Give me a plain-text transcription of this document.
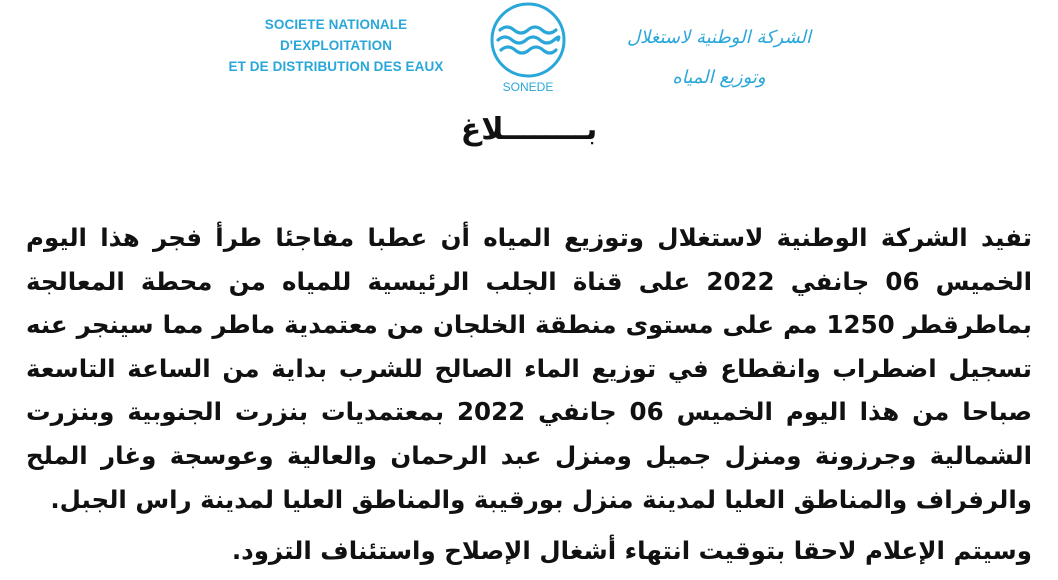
SOCIETE NATIONALE D'EXPLOITATION
ET DE DISTRIBUTION DES EAUX
SONEDE
الشركة الوطنية لاستغلال وتوزيع المياه
بــــــــلاغ

تفيد الشركة الوطنية لاستغلال وتوزيع المياه أن عطبا مفاجئا طرأ فجر هذا اليوم الخميس 06 جانفي 2022 على قناة الجلب الرئيسية للمياه من محطة المعالجة بماطرقطر 1250 مم على مستوى منطقة الخلجان من معتمدية ماطر مما سينجر عنه تسجيل اضطراب وانقطاع في توزيع الماء الصالح للشرب بداية من الساعة التاسعة صباحا من هذا اليوم الخميس 06 جانفي 2022 بمعتمديات بنزرت الجنوبية وبنزرت الشمالية وجرزونة ومنزل جميل ومنزل عبد الرحمان والعالية وعوسجة وغار الملح والرفراف والمناطق العليا لمدينة منزل بورقيبة والمناطق العليا لمدينة راس الجبل.

وسيتم الإعلام لاحقا بتوقيت انتهاء أشغال الإصلاح واستئناف التزود.
